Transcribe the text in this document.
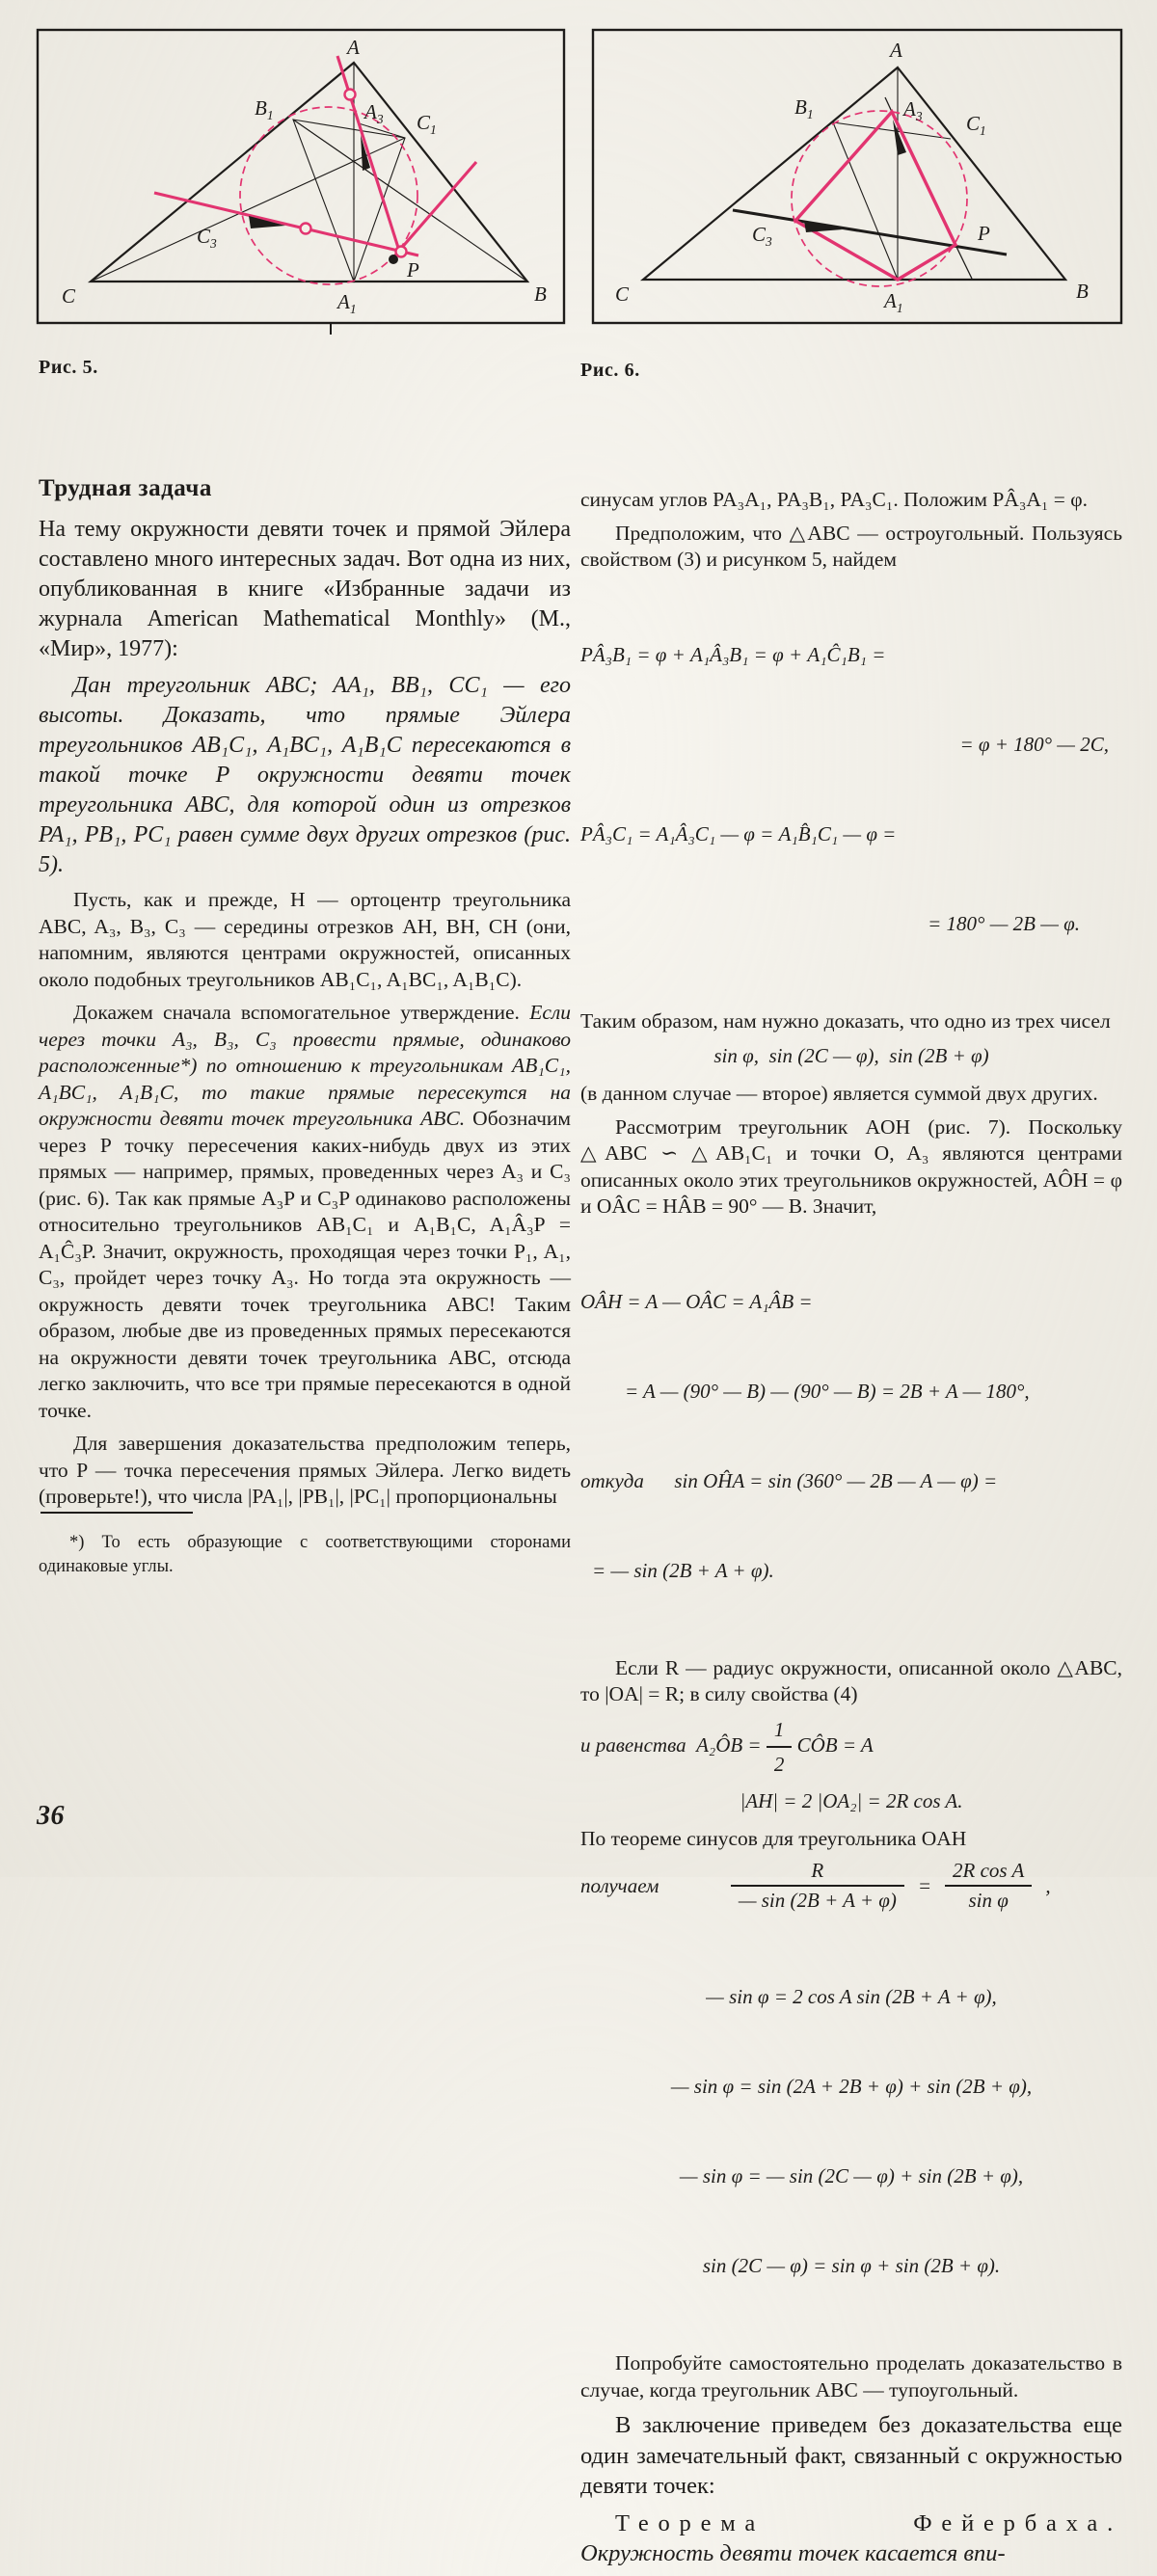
A
$B_1$	$A_3$ $C_1$
$C_3$
$A_1$
P
C	B
A
$B_1$	$A_3$ $C_1$
$C_3$
$A_1$
P
C	B
Рис. 5.	Рис. 6.
Трудная задача

На тему окружности девяти точек и прямой Эйлера составлено много интересных задач. Вот одна из них, опубликованная в книге «Избранные задачи из журнала American Mathematical Monthly» (М., «Мир», 1977):

Дан треугольник ABC; AA₁, BB₁, CC₁ — его высоты. Доказать, что прямые Эйлера треугольников AB₁C₁, A₁BC₁, A₁B₁C пересекаются в такой точке P окружности девяти точек треугольника ABC, для которой один из отрезков PA₁, PB₁, PC₁ равен сумме двух других отрезков (рис. 5).

Пусть, как и прежде, H — ортоцентр треугольника ABC, A₃, B₃, C₃ — середины отрезков AH, BH, CH (они, напомним, являются центрами окружностей, описанных около подобных треугольников AB₁C₁, A₁BC₁, A₁B₁C).

Докажем сначала вспомогательное утверждение. Если через точки A₃, B₃, C₃ провести прямые, одинаково расположенные*) по отношению к треугольникам AB₁C₁, A₁BC₁, A₁B₁C, то такие прямые пересекутся на окружности девяти точек треугольника ABC. Обозначим через P точку пересечения каких-нибудь двух из этих прямых — например, прямых, проведенных через A₃ и C₃ (рис. 6). Так как прямые A₃P и C₃P одинаково расположены относительно треугольников AB₁C₁ и A₁B₁C, A₁Â₃P = A₁Ĉ₃P. Значит, окружность, проходящая через точки P₁, A₁, C₃, пройдет через точку A₃. Но тогда эта окружность — окружность девяти точек треугольника ABC! Таким образом, любые две из проведенных прямых пересекаются на окружности девяти точек треугольника ABC, отсюда легко заключить, что все три прямые пересекаются в одной точке.

Для завершения доказательства предположим теперь, что P — точка пересечения прямых Эйлера. Легко видеть (проверьте!), что числа |PA₁|, |PB₁|, |PC₁| пропорциональны

*) То есть образующие с соответствующими сторонами одинаковые углы.

36

синусам углов PA₃A₁, PA₃B₁, PA₃C₁. Положим PÂ₃A₁ = φ.

Предположим, что △ABC — остроугольный. Пользуясь свойством (3) и рисунком 5, найдем

PÂ₃B₁ = φ + A₁Â₃B₁ = φ + A₁Ĉ₁B₁ =

= φ + 180° — 2C,

PÂ₃C₁ = A₁Â₃C₁ — φ = A₁B̂₁C₁ — φ =

= 180° — 2B — φ.

Таким образом, нам нужно доказать, что одно из трех чисел

sin φ,  sin (2C — φ),  sin (2B + φ)

(в данном случае — второе) является суммой двух других.

Рассмотрим треугольник AOH (рис. 7). Поскольку △ABC ∽ △AB₁C₁ и точки O, A₃ являются центрами описанных около этих треугольников окружностей, AÔH = φ и OÂC = HÂB = 90° — B. Значит,

OÂH = A — OÂC = A₁ÂB =

= A — (90° — B) — (90° — B) = 2B + A — 180°,

откуда      sin OĤA = sin (360° — 2B — A — φ) =

= — sin (2B + A + φ).

Если R — радиус окружности, описанной около △ABC, то |OA| = R; в силу свойства (4)

и равенства  A₂ÔB = $\frac{1}{2}$ CÔB = A
|AH| = 2 |OA₂| = 2R cos A.

По теореме синусов для треугольника OAH

получаем	$\frac{R}{— \sin (2B + A + \varphi)} = \frac{\text{2R cos A}}{\text{sin φ}}$ ,

— sin φ = 2 cos A sin (2B + A + φ),

— sin φ = sin (2A + 2B + φ) + sin (2B + φ),

— sin φ = — sin (2C — φ) + sin (2B + φ),

sin (2C — φ) = sin φ + sin (2B + φ).

Попробуйте самостоятельно проделать доказательство в случае, когда треугольник ABC — тупоугольный.

В заключение приведем без доказательства еще один замечательный факт, связанный с окружностью девяти точек:

Теорема Фейербаха. Окружность девяти точек касается впи-
